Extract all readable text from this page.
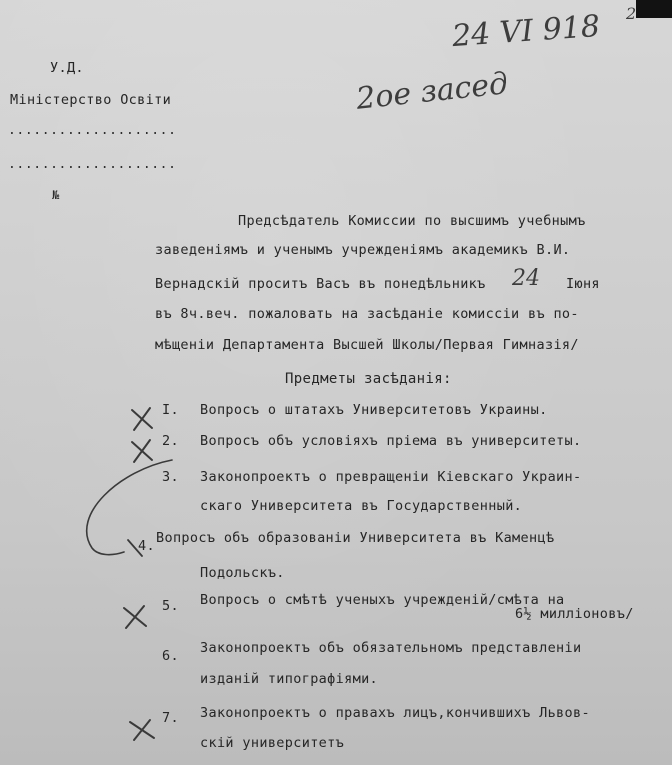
24 VI 918 2
2ое засед
У.Д.
Міністерство Освіти
....................
....................
№
Предсѣдатель Комиссии по высшимъ учебнымъ
заведеніямъ и ученымъ учрежденіямъ академикъ В.И.
Вернадскій проситъ Васъ въ понедѣльникъ 24 Іюня
въ 8ч.веч. пожаловать на засѣданіе комиссіи въ по-
мѣщеніи Департамента Высшей Школы/Первая Гимназія/
Предметы засѣданія:
I. Вопросъ о штатахъ Университетовъ Украины.
2. Вопросъ объ условіяхъ пріема въ университеты.
3. Законопроектъ о превращеніи Кіевскаго Украин-
скаго Университета въ Государственный.
4. Вопросъ объ образованіи Университета въ Каменцѣ
Подольскъ.
5. Вопросъ о смѣтѣ ученыхъ учрежденій/смѣта на
6½ милліоновъ/
6. Законопроектъ объ обязательномъ представленіи
изданій типографіями.
7. Законопроектъ о правахъ лицъ,кончившихъ Львов-
скій университетъ
